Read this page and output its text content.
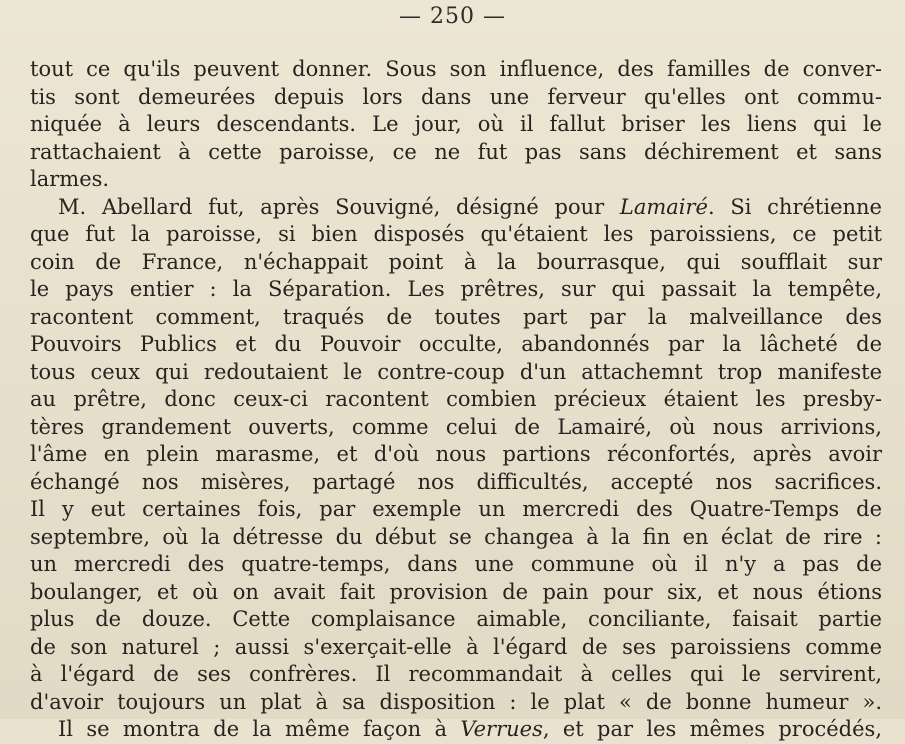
— 250 —
tout ce qu'ils peuvent donner. Sous son influence, des familles de conver-
tis sont demeurées depuis lors dans une ferveur qu'elles ont commu-
niquée à leurs descendants. Le jour, où il fallut briser les liens qui le
rattachaient à cette paroisse, ce ne fut pas sans déchirement et sans
larmes.
M. Abellard fut, après Souvigné, désigné pour Lamairé. Si chrétienne
que fut la paroisse, si bien disposés qu'étaient les paroissiens, ce petit
coin de France, n'échappait point à la bourrasque, qui soufflait sur
le pays entier : la Séparation. Les prêtres, sur qui passait la tempête,
racontent comment, traqués de toutes part par la malveillance des
Pouvoirs Publics et du Pouvoir occulte, abandonnés par la lâcheté de
tous ceux qui redoutaient le contre-coup d'un attachemnt trop manifeste
au prêtre, donc ceux-ci racontent combien précieux étaient les presby-
tères grandement ouverts, comme celui de Lamairé, où nous arrivions,
l'âme en plein marasme, et d'où nous partions réconfortés, après avoir
échangé nos misères, partagé nos difficultés, accepté nos sacrifices.
Il y eut certaines fois, par exemple un mercredi des Quatre-Temps de
septembre, où la détresse du début se changea à la fin en éclat de rire :
un mercredi des quatre-temps, dans une commune où il n'y a pas de
boulanger, et où on avait fait provision de pain pour six, et nous étions
plus de douze. Cette complaisance aimable, conciliante, faisait partie
de son naturel ; aussi s'exerçait-elle à l'égard de ses paroissiens comme
à l'égard de ses confrères. Il recommandait à celles qui le servirent,
d'avoir toujours un plat à sa disposition : le plat « de bonne humeur ».
Il se montra de la même façon à Verrues, et par les mêmes procédés,
